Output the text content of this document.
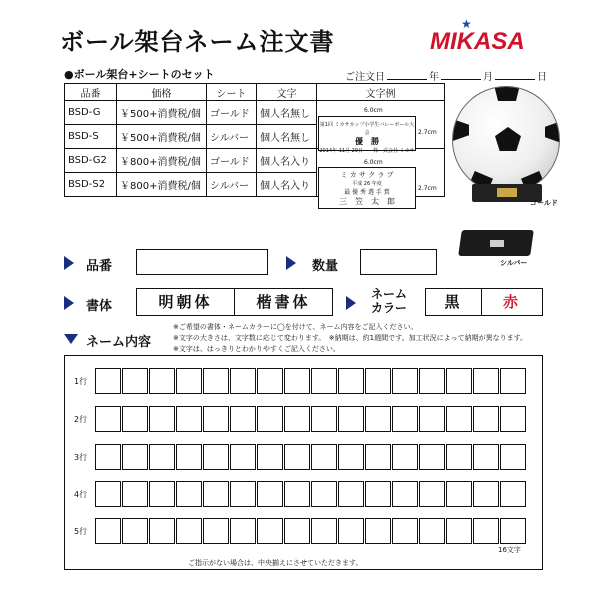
ボール架台ネーム注文書
★
MIKASA
●ボール架台+シートのセット	ご注文日	年	月	日
品番	価格	シート	文字	文字例
BSD-G	￥500+消費税/個	ゴールド	個人名無し	
BSD-S	￥500+消費税/個	シルバー	個人名無し	
BSD-G2	￥800+消費税/個	ゴールド	個人名入り	
BSD-S2	￥800+消費税/個	シルバー	個人名入り	
6.0cm
第1回 ミカサカップ小学生バレーボール大会
優　勝
2014年 11月 29日　　株　式会社 ミカサ
2.7cm
6.0cm
ミ カ サ ク ラ ブ
平成 26 年度
最 優 秀 選 手 賞
三　笠　太　郎
2.7cm
ゴールド
シルバー
品番	数量
書体	明朝体	楷書体	ネーム
カラー	黒	赤
ネーム内容
※ご希望の書体・ネームカラーに◯を付けて、ネーム内容をご記入ください。
※文字の大きさは、文字数に応じて変わります。　※納期は、約1週間です。加工状況によって納期が異なります。
※文字は、はっきりとわかりやすくご記入ください。
1行
2行
3行
4行
5行
16文字
ご指示がない場合は、中央揃えにさせていただきます。
